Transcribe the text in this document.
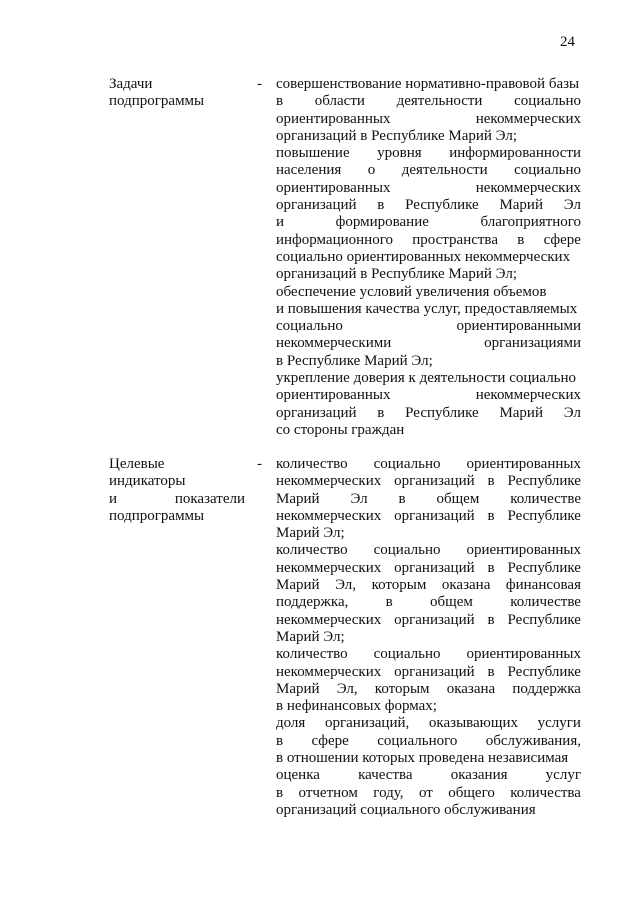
24
Задачи
подпрограммы
- совершенствование нормативно-правовой базы
в области деятельности социально
ориентированных	некоммерческих
организаций в Республике Марий Эл;
повышение уровня информированности
населения о деятельности социально
ориентированных	некоммерческих
организаций в Республике Марий Эл
и	формирование	благоприятного
информационного пространства в сфере
социально ориентированных некоммерческих
организаций в Республике Марий Эл;
обеспечение условий увеличения объемов
и повышения качества услуг, предоставляемых
социально	ориентированными
некоммерческими	организациями
в Республике Марий Эл;
укрепление доверия к деятельности социально
ориентированных	некоммерческих
организаций в Республике Марий Эл
со стороны граждан
Целевые
индикаторы
и	показатели
подпрограммы
- количество социально ориентированных
некоммерческих организаций в Республике
Марий Эл в общем количестве
некоммерческих организаций в Республике
Марий Эл;
количество социально ориентированных
некоммерческих организаций в Республике
Марий Эл, которым оказана финансовая
поддержка, в общем количестве
некоммерческих организаций в Республике
Марий Эл;
количество социально ориентированных
некоммерческих организаций в Республике
Марий Эл, которым оказана поддержка
в нефинансовых формах;
доля организаций, оказывающих услуги
в сфере социального обслуживания,
в отношении которых проведена независимая
оценка	качества	оказания	услуг
в отчетном году, от общего количества
организаций социального обслуживания
